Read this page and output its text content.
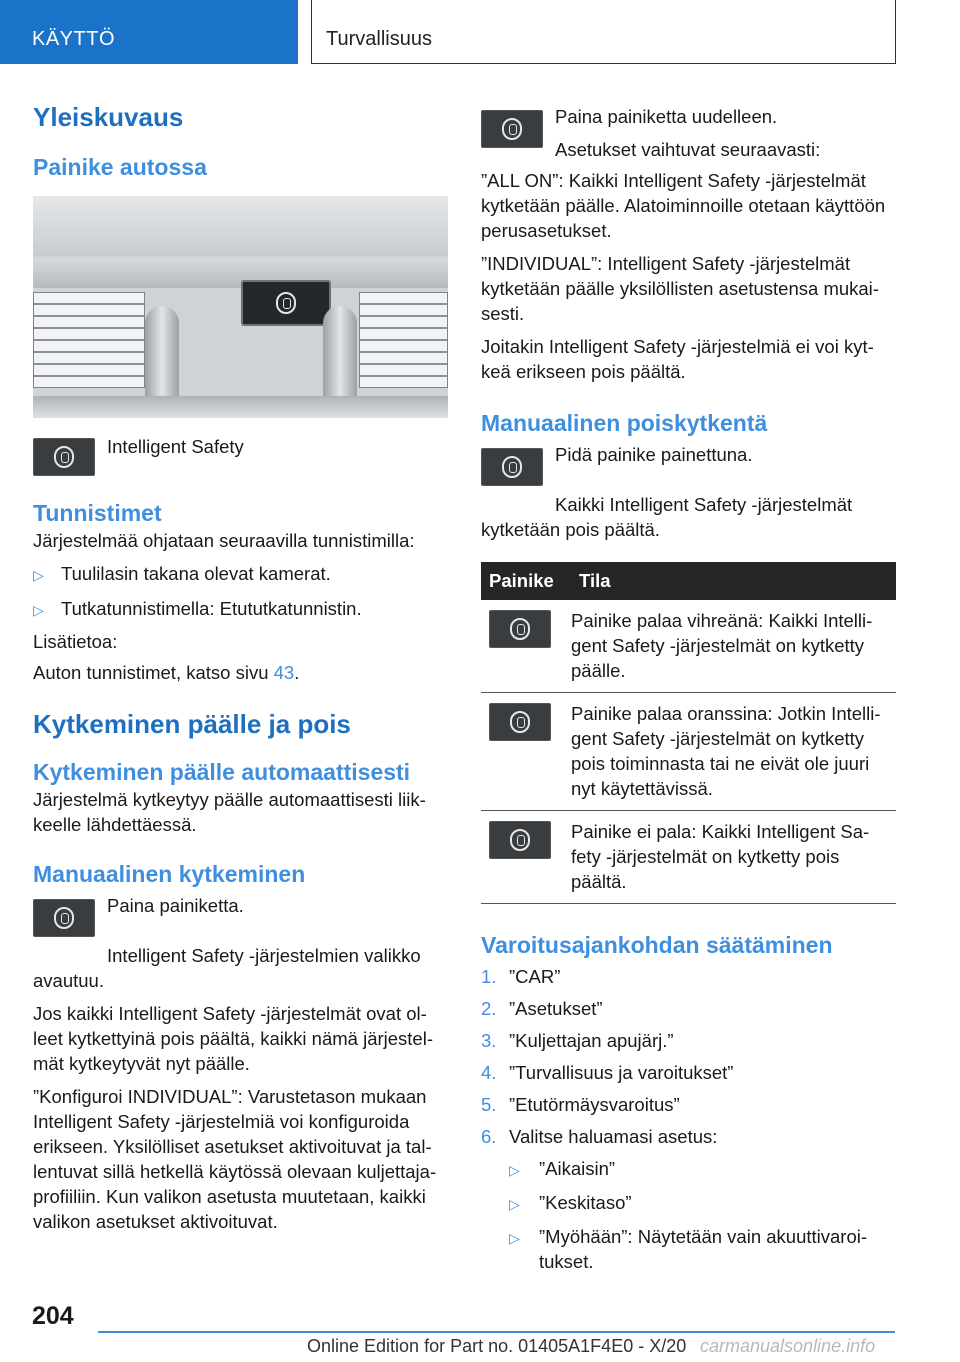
KÄYTTÖ	Turvallisuus
Yleiskuvaus
Painike autossa
Intelligent Safety
Tunnistimet

Järjestelmää ohjataan seuraavilla tunnistimilla:

▷ Tuulilasin takana olevat kamerat.
▷ Tutkatunnistimella: Etututkatunnistin.

Lisätietoa:

Auton tunnistimet, katso sivu 43.

Kytkeminen päälle ja pois
Kytkeminen päälle automaattisesti

Järjestelmä kytkeytyy päälle automaattisesti liik-keelle lähdettäessä.

Manuaalinen kytkeminen

Paina painiketta.

Intelligent Safety -järjestelmien valikko avautuu.

Jos kaikki Intelligent Safety -järjestelmät ovat ol-leet kytkettyinä pois päältä, kaikki nämä järjestel-mät kytkeytyvät nyt päälle.

”Konfiguroi INDIVIDUAL”: Varustetason mukaan Intelligent Safety -järjestelmiä voi konfiguroida erikseen. Yksilölliset asetukset aktivoituvat ja tal-lentuvat sillä hetkellä käytössä olevaan kuljettaja-profiiliin. Kun valikon asetusta muutetaan, kaikki valikon asetukset aktivoituvat.

Paina painiketta uudelleen.

Asetukset vaihtuvat seuraavasti:

”ALL ON”: Kaikki Intelligent Safety -järjestelmät kytketään päälle. Alatoiminnoille otetaan käyttöön perusasetukset.

”INDIVIDUAL”: Intelligent Safety -järjestelmät kytketään päälle yksilöllisten asetustensa mukai-sesti.

Joitakin Intelligent Safety -järjestelmiä ei voi kyt-keä erikseen pois päältä.

Manuaalinen poiskytkentä

Pidä painike painettuna.

Kaikki Intelligent Safety -järjestelmät kytketään pois päältä.

Painike	Tila

	Painike palaa vihreänä: Kaikki Intelli-gent Safety -järjestelmät on kytketty päälle.

	Painike palaa oranssina: Jotkin Intelli-gent Safety -järjestelmät on kytketty pois toiminnasta tai ne eivät ole juuri nyt käytettävissä.

	Painike ei pala: Kaikki Intelligent Sa-fety -järjestelmät on kytketty pois päältä.
Varoitusajankohdan säätäminen
1. ”CAR”
2. ”Asetukset”
3. ”Kuljettajan apujärj.”
4. ”Turvallisuus ja varoitukset”
5. ”Etutörmäysvaroitus”
6. Valitse haluamasi asetus:
▷	”Aikaisin”
▷	”Keskitaso”
▷	”Myöhään”: Näytetään vain akuuttivaroi-tukset.
204
Online Edition for Part no. 01405A1F4E0 - X/20 carmanualsonline.info
